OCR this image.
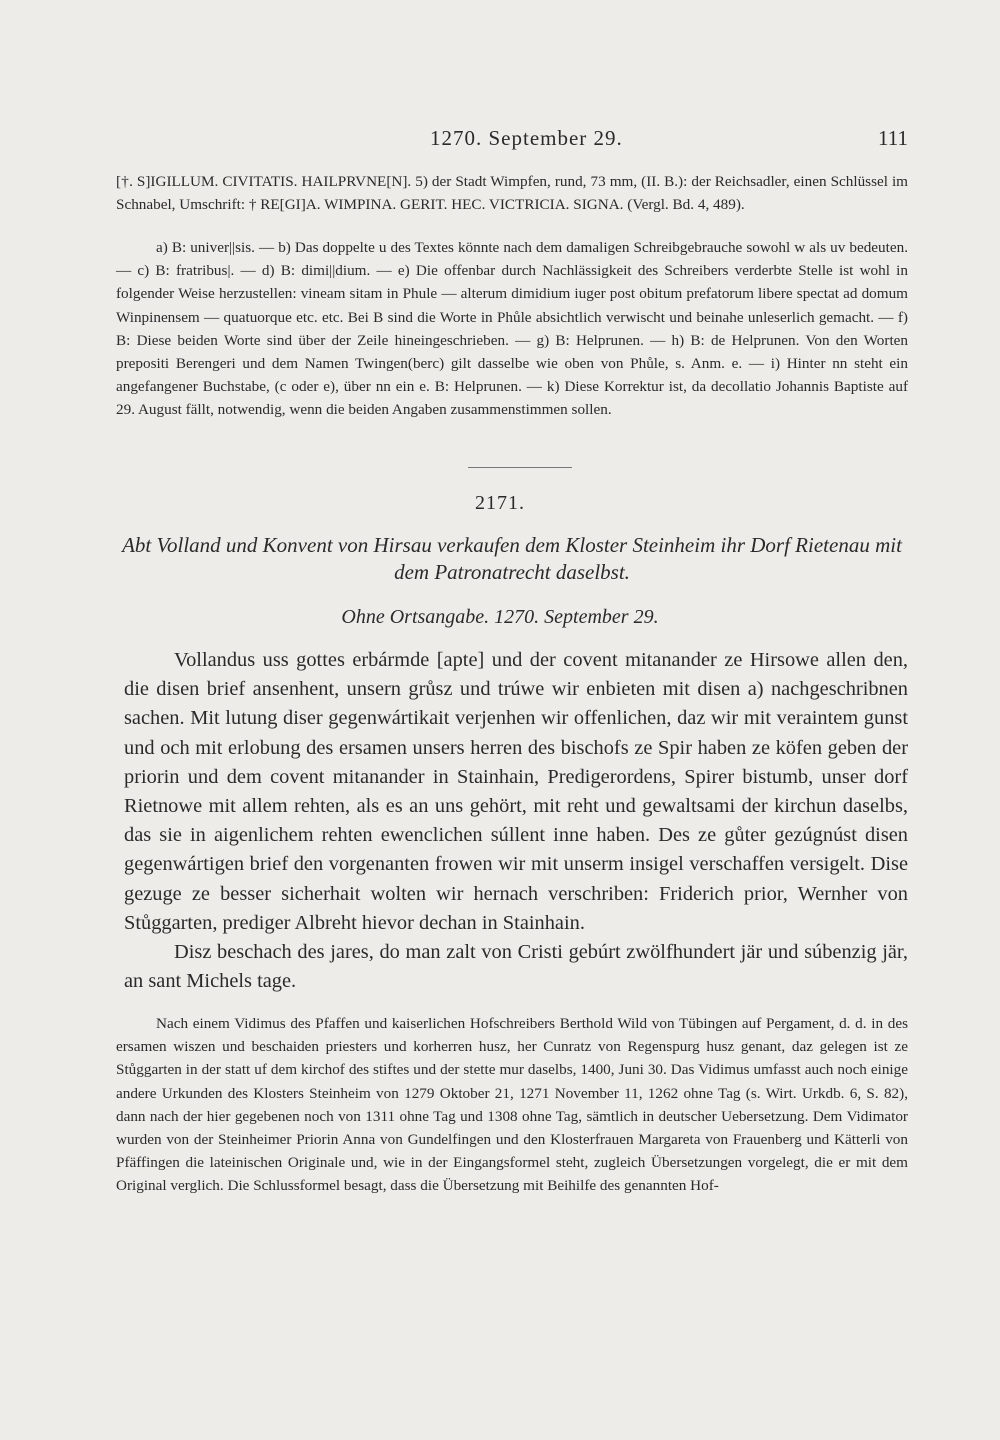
1270. September 29.	111

[†. S]IGILLUM. CIVITATIS. HAILPRVNE[N]. 5) der Stadt Wimpfen, rund, 73 mm, (II. B.): der Reichsadler, einen Schlüssel im Schnabel, Umschrift: † RE[GI]A. WIMPINA. GERIT. HEC. VICTRICIA. SIGNA. (Vergl. Bd. 4, 489).

a) B: univer||sis. — b) Das doppelte u des Textes könnte nach dem damaligen Schreibgebrauche sowohl w als uv bedeuten. — c) B: fratribus|. — d) B: dimi||dium. — e) Die offenbar durch Nachlässigkeit des Schreibers verderbte Stelle ist wohl in folgender Weise herzustellen: vineam sitam in Phule — alterum dimidium iuger post obitum prefatorum libere spectat ad domum Winpinensem — quatuorque etc. etc. Bei B sind die Worte in Phůle absichtlich verwischt und beinahe unleserlich gemacht. — f) B: Diese beiden Worte sind über der Zeile hineingeschrieben. — g) B: Helprunen. — h) B: de Helprunen. Von den Worten prepositi Berengeri und dem Namen Twingen(berc) gilt dasselbe wie oben von Phůle, s. Anm. e. — i) Hinter nn steht ein angefangener Buchstabe, (c oder e), über nn ein e. B: Helprunen. — k) Diese Korrektur ist, da decollatio Johannis Baptiste auf 29. August fällt, notwendig, wenn die beiden Angaben zusammenstimmen sollen.

2171.
Abt Volland und Konvent von Hirsau verkaufen dem Kloster Steinheim ihr Dorf Rietenau mit dem Patronatrecht daselbst.
Ohne Ortsangabe. 1270. September 29.

Vollandus uss gottes erbármde [apte] und der covent mitanander ze Hirsowe allen den, die disen brief ansenhent, unsern grůsz und trúwe wir enbieten mit disen a) nachgeschribnen sachen. Mit lutung diser gegenwártikait verjenhen wir offenlichen, daz wir mit veraintem gunst und och mit erlobung des ersamen unsers herren des bischofs ze Spir haben ze köfen geben der priorin und dem covent mitanander in Stainhain, Predigerordens, Spirer bistumb, unser dorf Rietnowe mit allem rehten, als es an uns gehört, mit reht und gewaltsami der kirchun daselbs, das sie in aigenlichem rehten ewenclichen súllent inne haben. Des ze gůter gezúgnúst disen gegenwártigen brief den vorgenanten frowen wir mit unserm insigel verschaffen versigelt. Dise gezuge ze besser sicherhait wolten wir hernach verschriben: Friderich prior, Wernher von Stůggarten, prediger Albreht hievor dechan in Stainhain.

Disz beschach des jares, do man zalt von Cristi gebúrt zwölfhundert jär und súbenzig jär, an sant Michels tage.

Nach einem Vidimus des Pfaffen und kaiserlichen Hofschreibers Berthold Wild von Tübingen auf Pergament, d. d. in des ersamen wiszen und beschaiden priesters und korherren husz, her Cunratz von Regenspurg husz genant, daz gelegen ist ze Stůggarten in der statt uf dem kirchof des stiftes und der stette mur daselbs, 1400, Juni 30. Das Vidimus umfasst auch noch einige andere Urkunden des Klosters Steinheim von 1279 Oktober 21, 1271 November 11, 1262 ohne Tag (s. Wirt. Urkdb. 6, S. 82), dann nach der hier gegebenen noch von 1311 ohne Tag und 1308 ohne Tag, sämtlich in deutscher Uebersetzung. Dem Vidimator wurden von der Steinheimer Priorin Anna von Gundelfingen und den Klosterfrauen Margareta von Frauenberg und Kätterli von Pfäffingen die lateinischen Originale und, wie in der Eingangsformel steht, zugleich Übersetzungen vorgelegt, die er mit dem Original verglich. Die Schlussformel besagt, dass die Übersetzung mit Beihilfe des genannten Hof-
